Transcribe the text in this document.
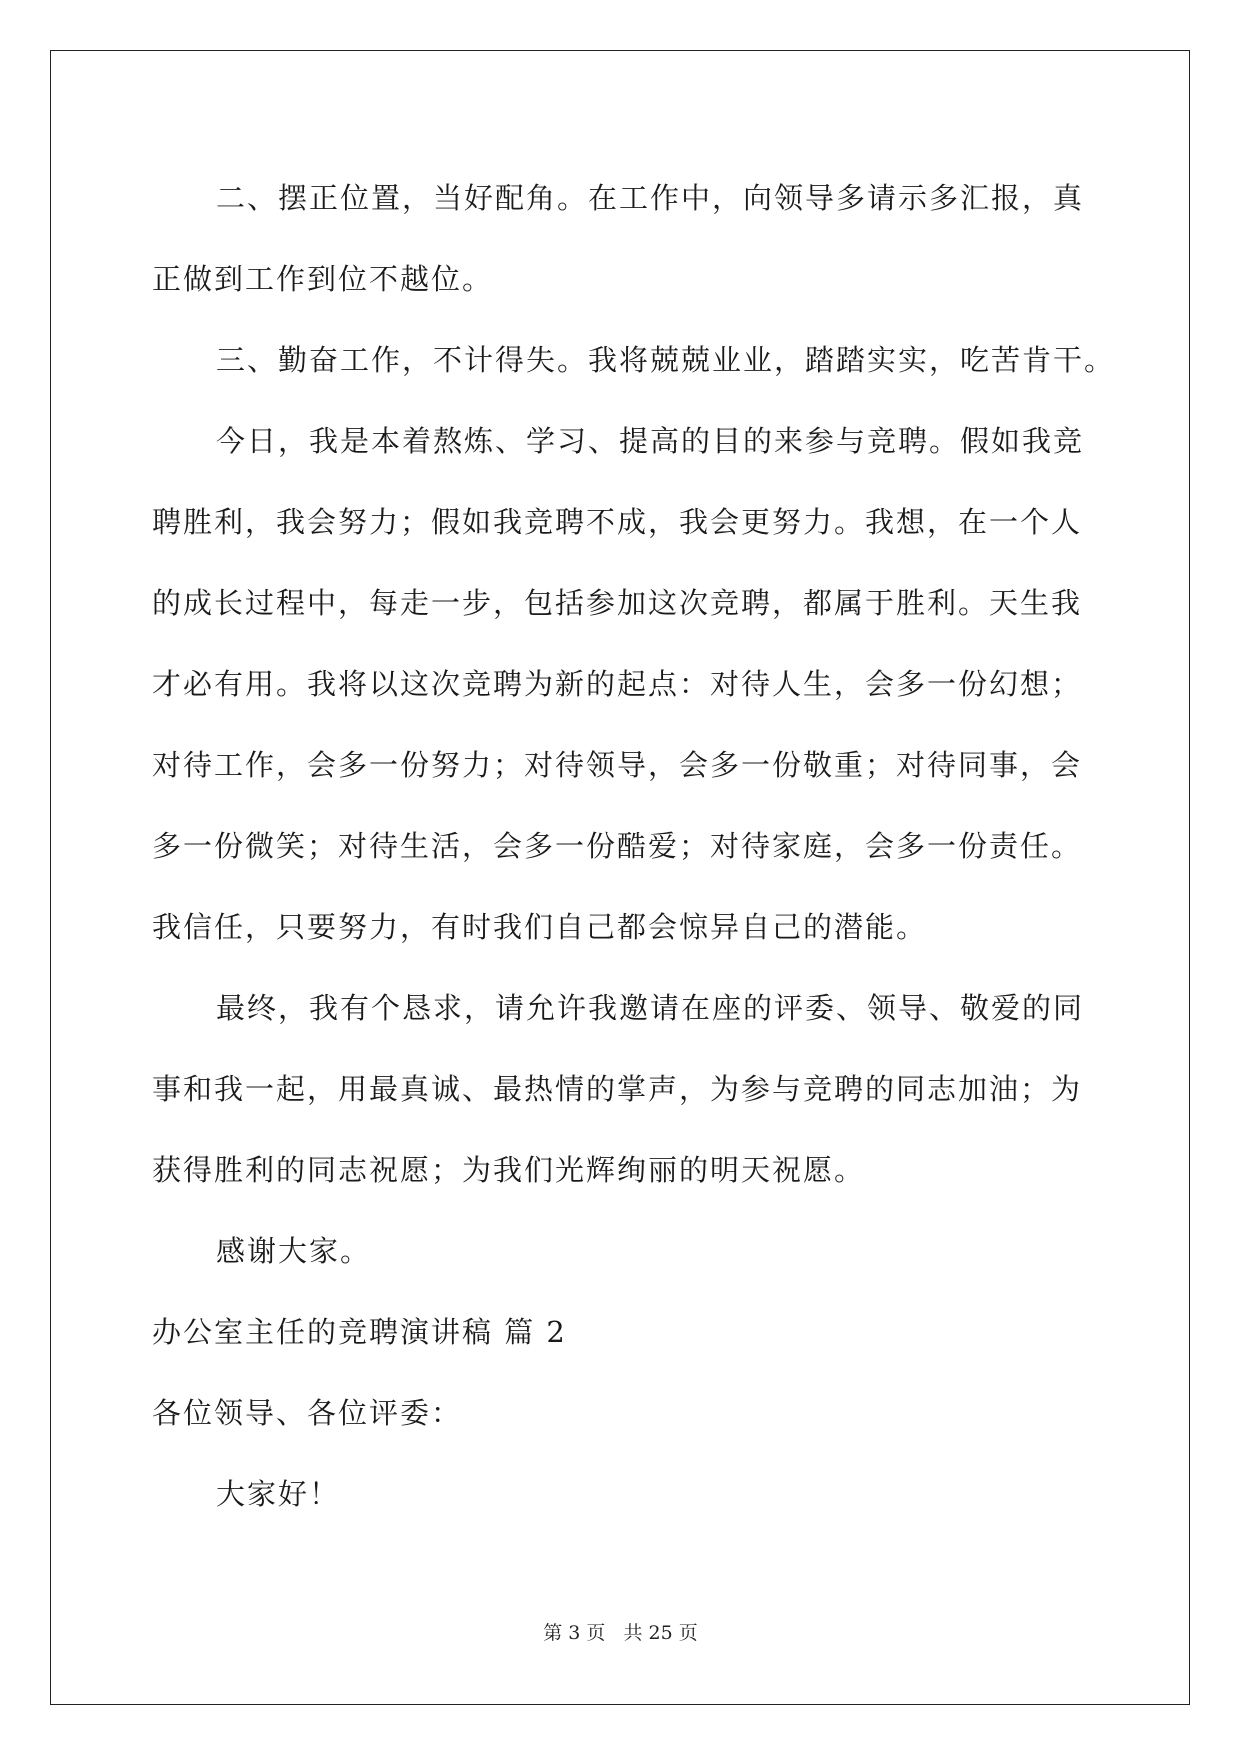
二、摆正位置，当好配角。在工作中，向领导多请示多汇报，真
正做到工作到位不越位。
三、勤奋工作，不计得失。我将兢兢业业，踏踏实实，吃苦肯干。
今日，我是本着熬炼、学习、提高的目的来参与竞聘。假如我竞
聘胜利，我会努力；假如我竞聘不成，我会更努力。我想，在一个人
的成长过程中，每走一步，包括参加这次竞聘，都属于胜利。天生我
才必有用。我将以这次竞聘为新的起点：对待人生，会多一份幻想；
对待工作，会多一份努力；对待领导，会多一份敬重；对待同事，会
多一份微笑；对待生活，会多一份酷爱；对待家庭，会多一份责任。
我信任，只要努力，有时我们自己都会惊异自己的潜能。
最终，我有个恳求，请允许我邀请在座的评委、领导、敬爱的同
事和我一起，用最真诚、最热情的掌声，为参与竞聘的同志加油；为
获得胜利的同志祝愿；为我们光辉绚丽的明天祝愿。
感谢大家。
办公室主任的竞聘演讲稿 篇 2
各位领导、各位评委：
大家好！
第 3 页 共 25 页
